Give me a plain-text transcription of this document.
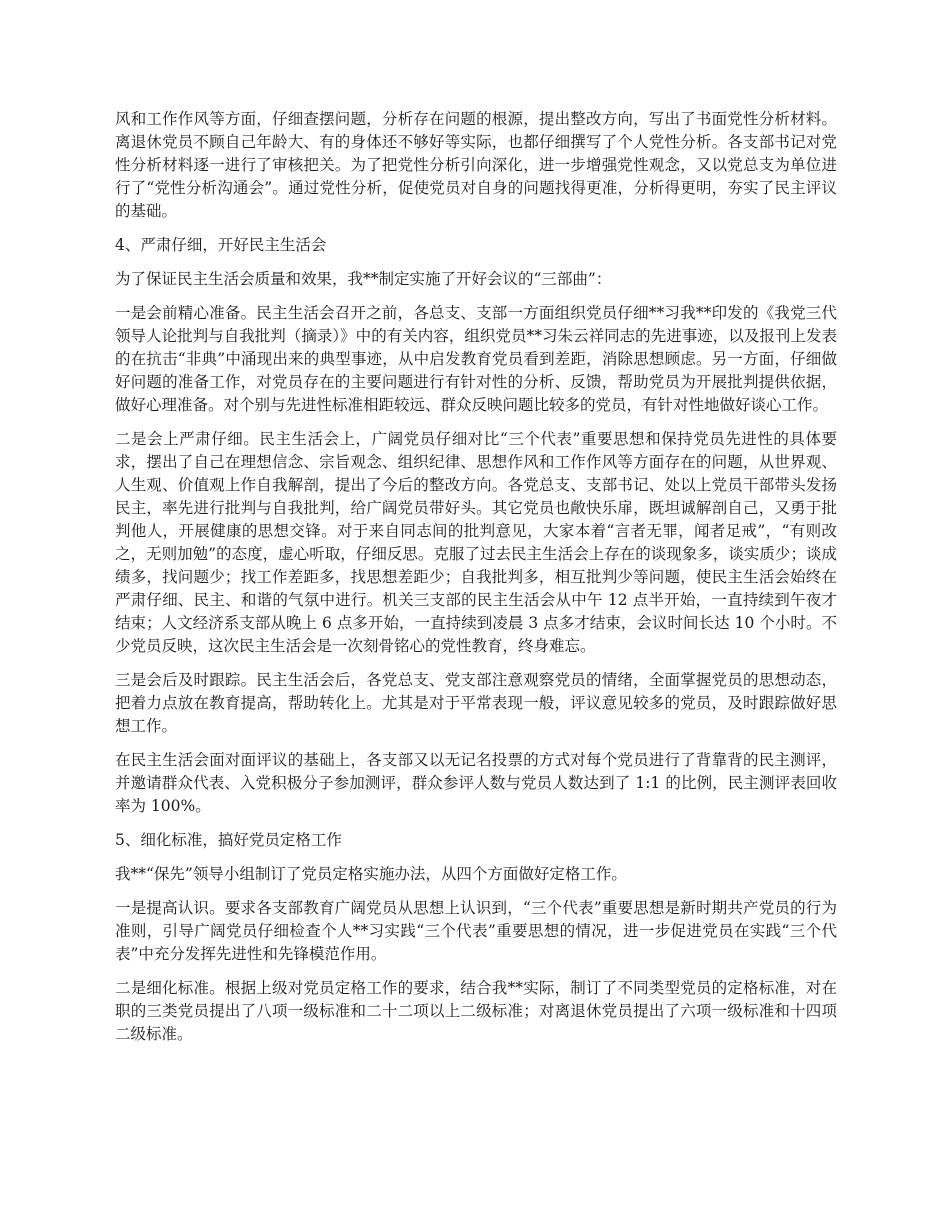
风和工作作风等方面，仔细查摆问题，分析存在问题的根源，提出整改方向，写出了书面党性分析材料。离退休党员不顾自己年龄大、有的身体还不够好等实际，也都仔细撰写了个人党性分析。各支部书记对党性分析材料逐一进行了审核把关。为了把党性分析引向深化，进一步增强党性观念，又以党总支为单位进行了“党性分析沟通会”。通过党性分析，促使党员对自身的问题找得更准，分析得更明，夯实了民主评议的基础。

4、严肃仔细，开好民主生活会

为了保证民主生活会质量和效果，我**制定实施了开好会议的“三部曲”：

一是会前精心准备。民主生活会召开之前，各总支、支部一方面组织党员仔细**习我**印发的《我党三代领导人论批判与自我批判（摘录）》中的有关内容，组织党员**习朱云祥同志的先进事迹，以及报刊上发表的在抗击“非典”中涌现出来的典型事迹，从中启发教育党员看到差距，消除思想顾虑。另一方面，仔细做好问题的准备工作，对党员存在的主要问题进行有针对性的分析、反馈，帮助党员为开展批判提供依据，做好心理准备。对个别与先进性标准相距较远、群众反映问题比较多的党员，有针对性地做好谈心工作。

二是会上严肃仔细。民主生活会上，广阔党员仔细对比“三个代表”重要思想和保持党员先进性的具体要求，摆出了自己在理想信念、宗旨观念、组织纪律、思想作风和工作作风等方面存在的问题，从世界观、人生观、价值观上作自我解剖，提出了今后的整改方向。各党总支、支部书记、处以上党员干部带头发扬民主，率先进行批判与自我批判，给广阔党员带好头。其它党员也敞快乐扉，既坦诚解剖自己，又勇于批判他人，开展健康的思想交锋。对于来自同志间的批判意见，大家本着“言者无罪，闻者足戒”，“有则改之，无则加勉”的态度，虚心听取，仔细反思。克服了过去民主生活会上存在的谈现象多，谈实质少；谈成绩多，找问题少；找工作差距多，找思想差距少；自我批判多，相互批判少等问题，使民主生活会始终在严肃仔细、民主、和谐的气氛中进行。机关三支部的民主生活会从中午 12 点半开始，一直持续到午夜才结束；人文经济系支部从晚上 6 点多开始，一直持续到凌晨 3 点多才结束，会议时间长达 10 个小时。不少党员反映，这次民主生活会是一次刻骨铭心的党性教育，终身难忘。

三是会后及时跟踪。民主生活会后，各党总支、党支部注意观察党员的情绪，全面掌握党员的思想动态，把着力点放在教育提高，帮助转化上。尤其是对于平常表现一般，评议意见较多的党员，及时跟踪做好思想工作。

在民主生活会面对面评议的基础上，各支部又以无记名投票的方式对每个党员进行了背靠背的民主测评，并邀请群众代表、入党积极分子参加测评，群众参评人数与党员人数达到了 1:1 的比例，民主测评表回收率为 100%。

5、细化标准，搞好党员定格工作

我**“保先”领导小组制订了党员定格实施办法，从四个方面做好定格工作。

一是提高认识。要求各支部教育广阔党员从思想上认识到，“三个代表”重要思想是新时期共产党员的行为准则，引导广阔党员仔细检查个人**习实践“三个代表”重要思想的情况，进一步促进党员在实践“三个代表”中充分发挥先进性和先锋模范作用。

二是细化标准。根据上级对党员定格工作的要求，结合我**实际，制订了不同类型党员的定格标准，对在职的三类党员提出了八项一级标准和二十二项以上二级标准；对离退休党员提出了六项一级标准和十四项二级标准。
